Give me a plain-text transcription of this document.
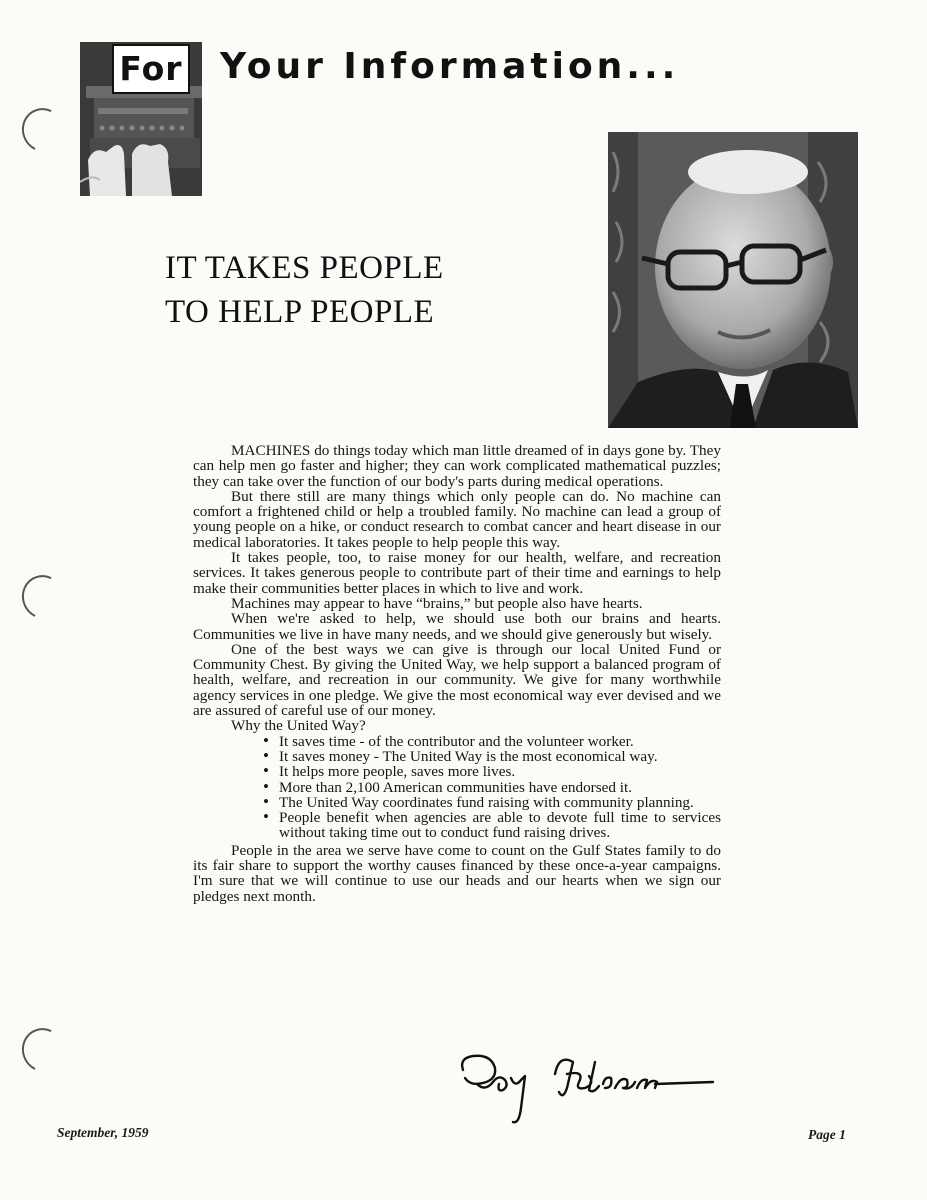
For Your Information...
IT TAKES PEOPLE
TO HELP PEOPLE

MACHINES do things today which man little dreamed of in days gone by. They can help men go faster and higher; they can work complicated mathematical puzzles; they can take over the function of our body's parts during medical operations.

But there still are many things which only people can do. No machine can comfort a frightened child or help a troubled family. No machine can lead a group of young people on a hike, or conduct research to combat cancer and heart disease in our medical laboratories. It takes people to help people this way.

It takes people, too, to raise money for our health, welfare, and recreation services. It takes generous people to contribute part of their time and earnings to help make their communities better places in which to live and work.

Machines may appear to have “brains,” but people also have hearts.

When we're asked to help, we should use both our brains and hearts. Communities we live in have many needs, and we should give generously but wisely.

One of the best ways we can give is through our local United Fund or Community Chest. By giving the United Way, we help support a balanced program of health, welfare, and recreation in our community. We give for many worthwhile agency services in one pledge. We give the most economical way ever devised and we are assured of careful use of our money.

Why the United Way?

• It saves time - of the contributor and the volunteer worker.
• It saves money - The United Way is the most economical way.
• It helps more people, saves more lives.
• More than 2,100 American communities have endorsed it.
• The United Way coordinates fund raising with community planning.
• People benefit when agencies are able to devote full time to services without taking time out to conduct fund raising drives.

People in the area we serve have come to count on the Gulf States family to do its fair share to support the worthy causes financed by these once-a-year campaigns. I'm sure that we will continue to use our heads and our hearts when we sign our pledges next month.

September, 1959	Page 1
